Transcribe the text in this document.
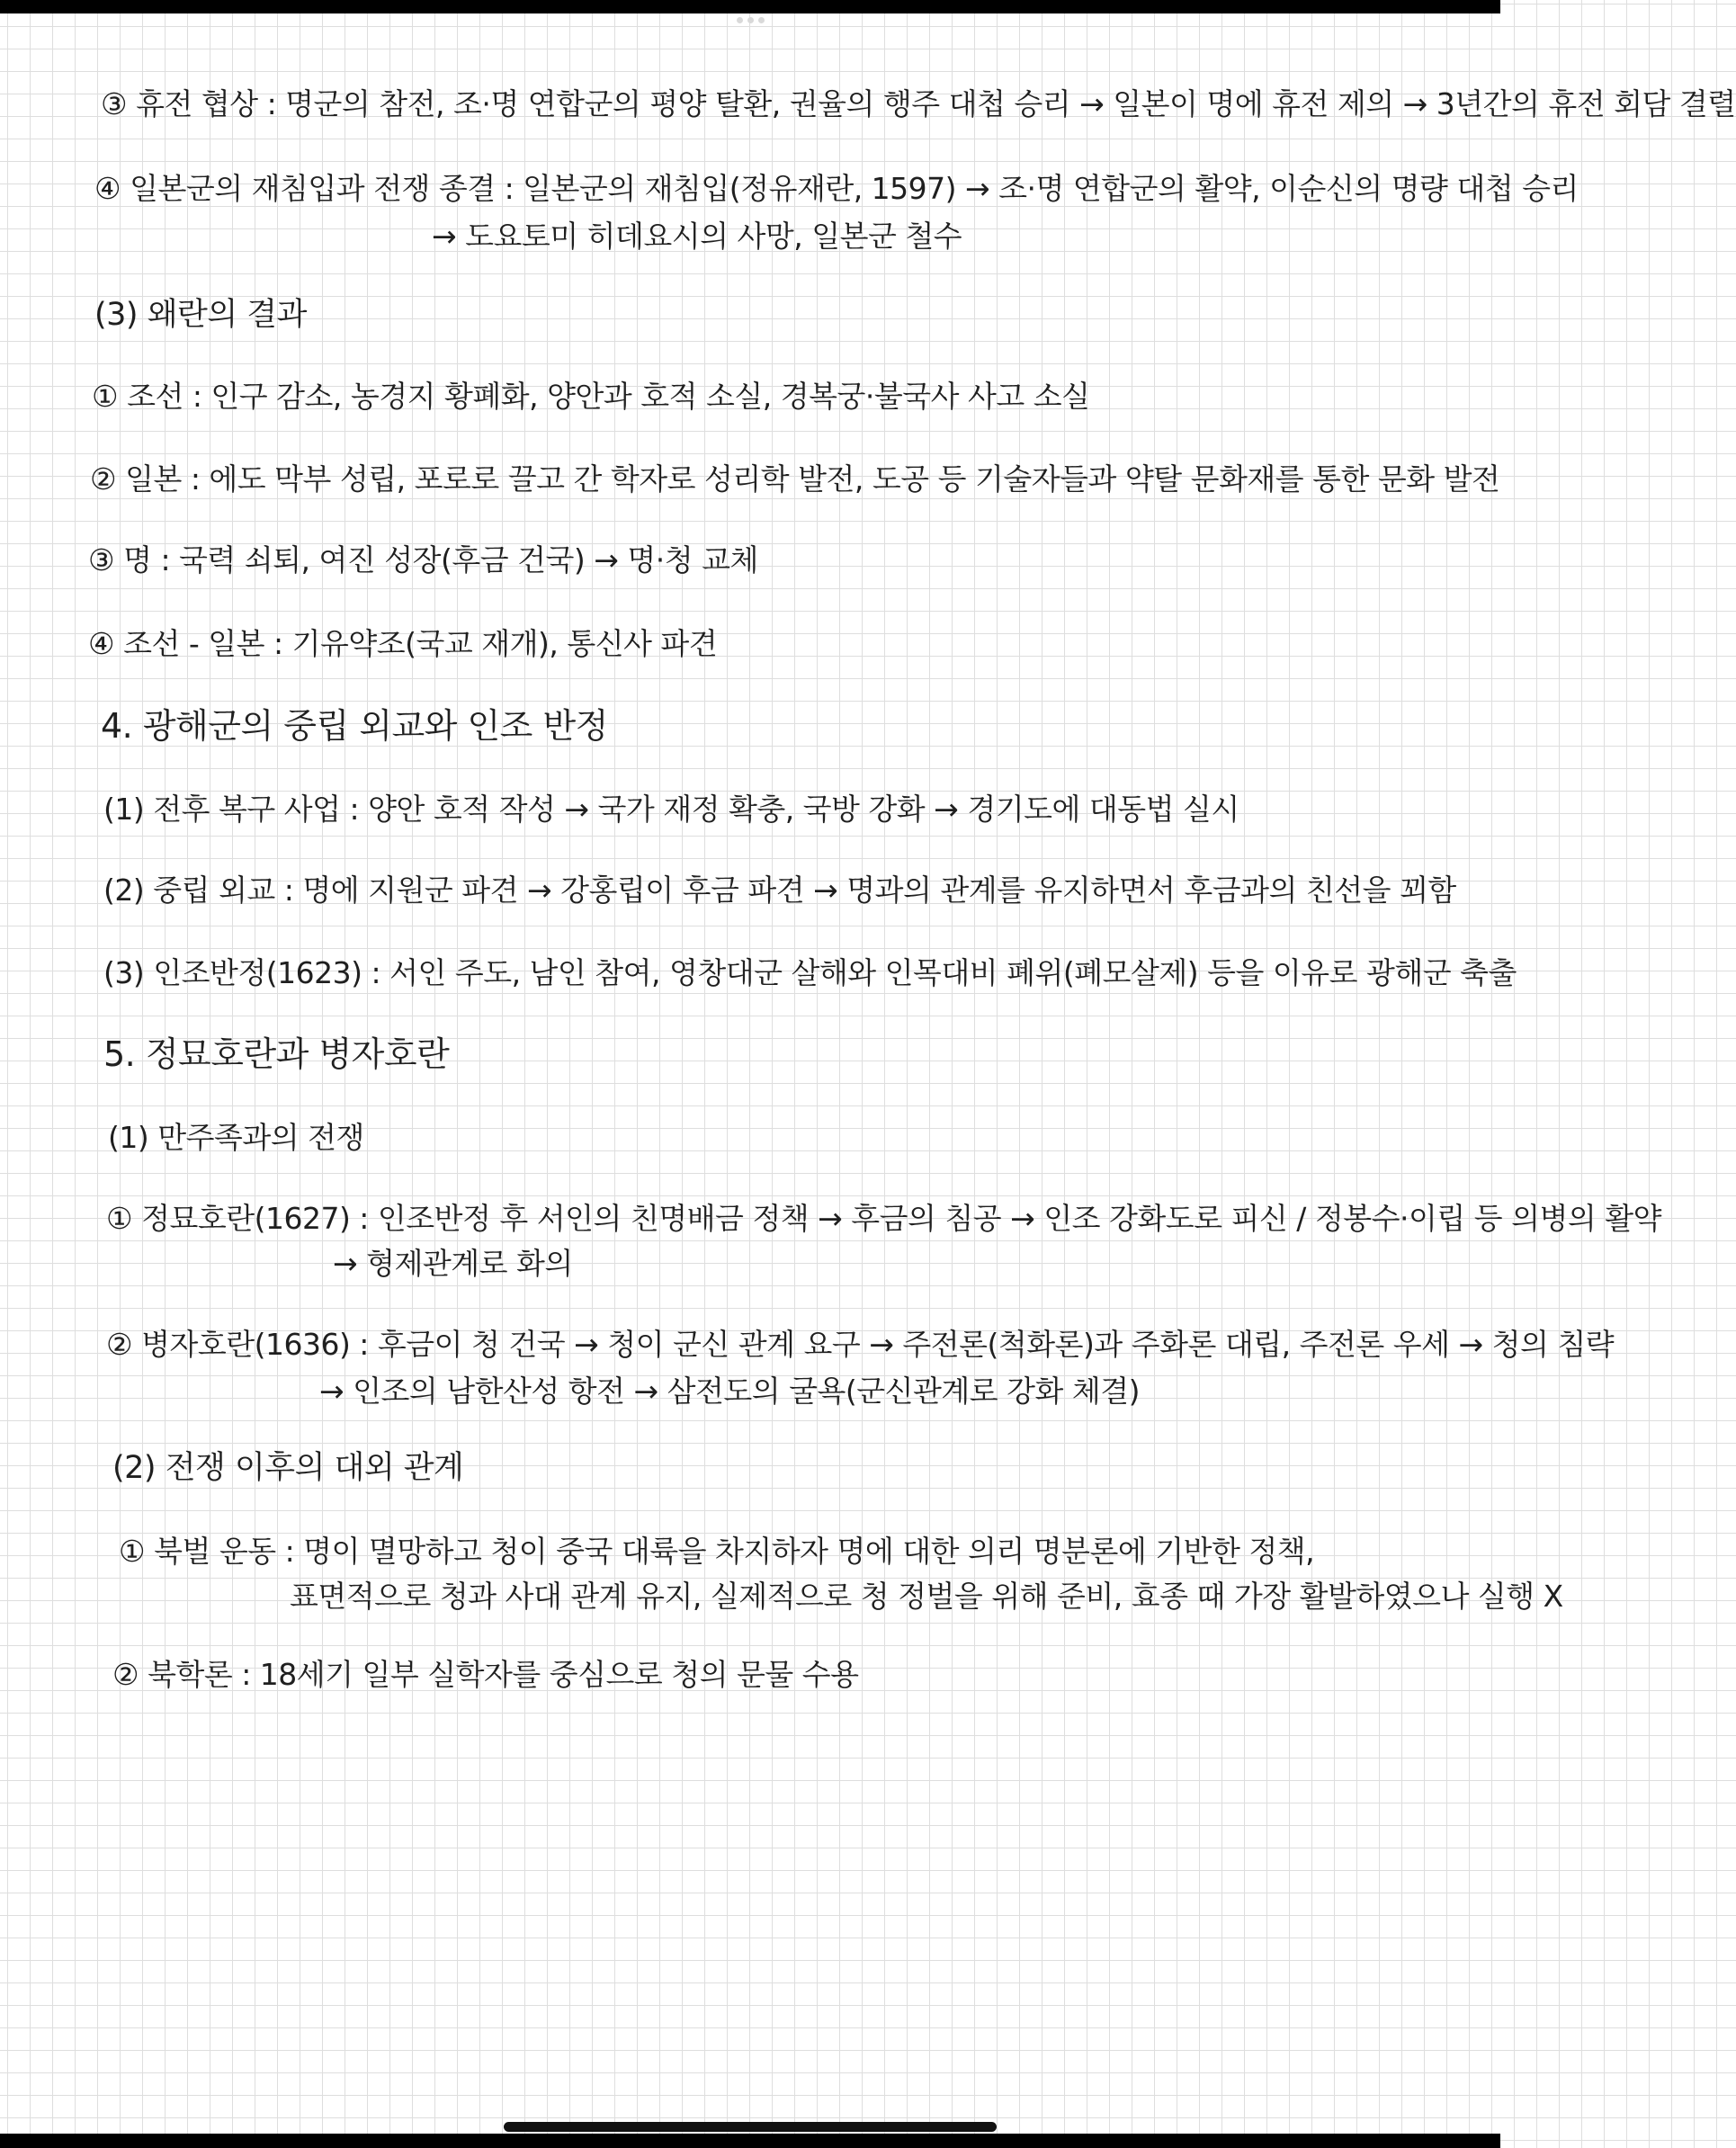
③ 휴전 협상 : 명군의 참전, 조·명 연합군의 평양 탈환, 권율의 행주 대첩 승리 → 일본이 명에 휴전 제의 → 3년간의 휴전 회담 결렬
④ 일본군의 재침입과 전쟁 종결 : 일본군의 재침입(정유재란, 1597) → 조·명 연합군의 활약, 이순신의 명량 대첩 승리
→ 도요토미 히데요시의 사망, 일본군 철수
(3) 왜란의 결과
① 조선 : 인구 감소, 농경지 황폐화, 양안과 호적 소실, 경복궁·불국사 사고 소실
② 일본 : 에도 막부 성립, 포로로 끌고 간 학자로 성리학 발전, 도공 등 기술자들과 약탈 문화재를 통한 문화 발전
③ 명 : 국력 쇠퇴, 여진 성장(후금 건국) → 명·청 교체
④ 조선 - 일본 : 기유약조(국교 재개), 통신사 파견
4. 광해군의 중립 외교와 인조 반정
(1) 전후 복구 사업 : 양안 호적 작성 → 국가 재정 확충, 국방 강화 → 경기도에 대동법 실시
(2) 중립 외교 : 명에 지원군 파견 → 강홍립이 후금 파견 → 명과의 관계를 유지하면서 후금과의 친선을 꾀함
(3) 인조반정(1623) : 서인 주도, 남인 참여, 영창대군 살해와 인목대비 폐위(폐모살제) 등을 이유로 광해군 축출
5. 정묘호란과 병자호란
(1) 만주족과의 전쟁
① 정묘호란(1627) : 인조반정 후 서인의 친명배금 정책 → 후금의 침공 → 인조 강화도로 피신 / 정봉수·이립 등 의병의 활약
→ 형제관계로 화의
② 병자호란(1636) : 후금이 청 건국 → 청이 군신 관계 요구 → 주전론(척화론)과 주화론 대립, 주전론 우세 → 청의 침략
→ 인조의 남한산성 항전 → 삼전도의 굴욕(군신관계로 강화 체결)
(2) 전쟁 이후의 대외 관계
① 북벌 운동 : 명이 멸망하고 청이 중국 대륙을 차지하자 명에 대한 의리 명분론에 기반한 정책,
표면적으로 청과 사대 관계 유지, 실제적으로 청 정벌을 위해 준비, 효종 때 가장 활발하였으나 실행 X
② 북학론 : 18세기 일부 실학자를 중심으로 청의 문물 수용
